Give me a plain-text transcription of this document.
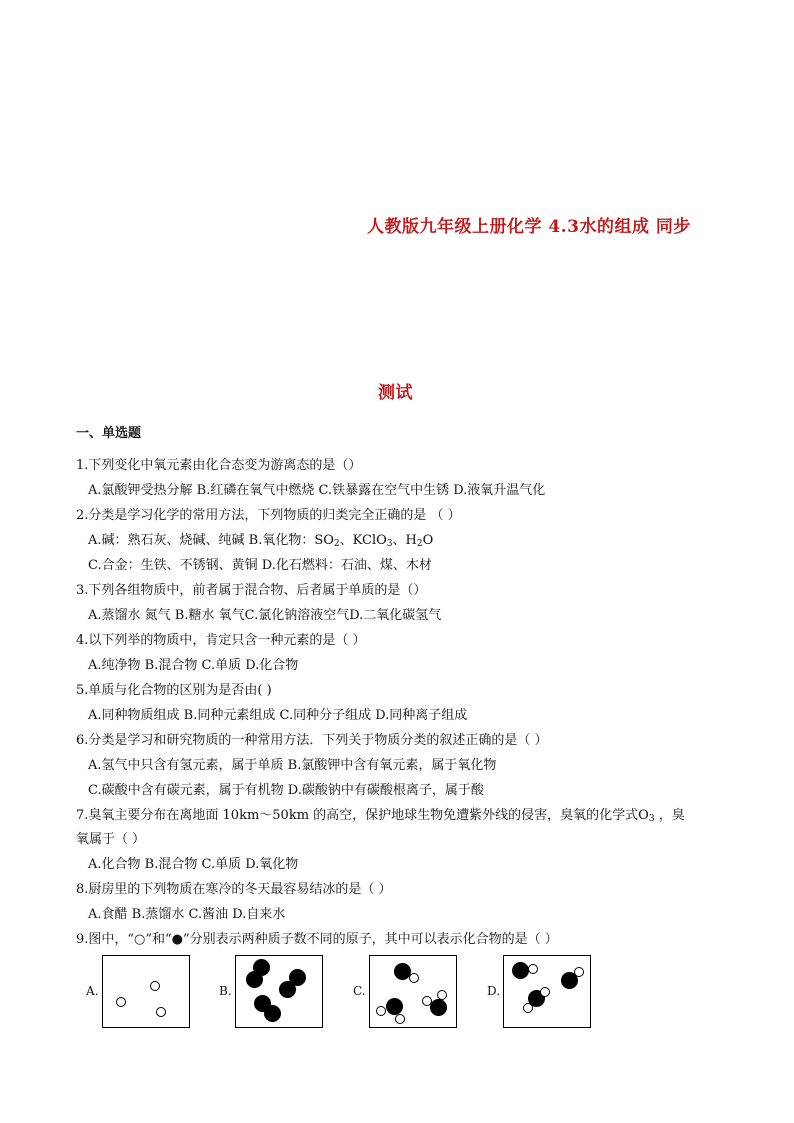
人教版九年级上册化学 4.3水的组成 同步
测试
一、单选题
1.下列变化中氧元素由化合态变为游离态的是（）
A.氯酸钾受热分解 B.红磷在氧气中燃烧 C.铁暴露在空气中生锈 D.液氧升温气化
2.分类是学习化学的常用方法，下列物质的归类完全正确的是 （ ）
A.碱：熟石灰、烧碱、纯碱 B.氧化物：$SO_2$、KClO$_3$、$H_2O$
C.合金：生铁、不锈钢、黄铜 D.化石燃料：石油、煤、木材
3.下列各组物质中，前者属于混合物、后者属于单质的是（）
A.蒸馏水 氮气 B.糖水 氧气C.氯化钠溶液空气D.二氧化碳氢气
4.以下列举的物质中，肯定只含一种元素的是（ ）
A.纯净物 B.混合物 C.单质 D.化合物
5.单质与化合物的区别为是否由( )
A.同种物质组成 B.同种元素组成 C.同种分子组成 D.同种离子组成
6.分类是学习和研究物质的一种常用方法．下列关于物质分类的叙述正确的是（ ）
A.氢气中只含有氢元素，属于单质 B.氯酸钾中含有氧元素，属于氧化物
C.碳酸中含有碳元素，属于有机物 D.碳酸钠中有碳酸根离子，属于酸
7.臭氧主要分布在离地面 10km～50km 的高空，保护地球生物免遭紫外线的侵害，臭氧的化学式$O_3$ ，臭
氧属于（ ）
A.化合物 B.混合物 C.单质 D.氧化物
8.厨房里的下列物质在寒冷的冬天最容易结冰的是（ ）
A.食醋 B.蒸馏水 C.酱油 D.自来水
9.图中，“○”和“●”分别表示两种质子数不同的原子，其中可以表示化合物的是（ ）
A.	B.	C.	D.
